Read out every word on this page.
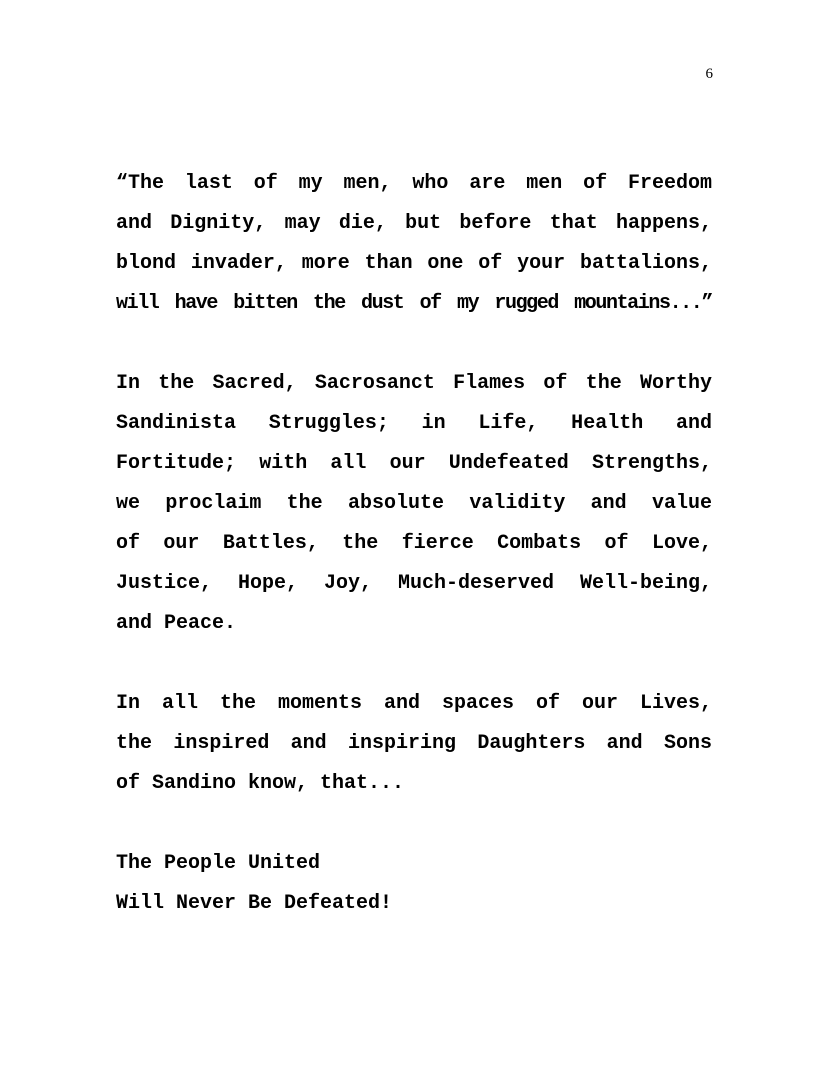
6
“The last of my men, who are men of Freedom
and Dignity, may die, but before that happens,
blond invader, more than one of your battalions,
will have bitten the dust of my rugged mountains...”
In the Sacred, Sacrosanct Flames of the Worthy
Sandinista Struggles; in Life, Health and
Fortitude; with all our Undefeated Strengths,
we proclaim the absolute validity and value
of our Battles, the fierce Combats of Love,
Justice, Hope, Joy, Much-deserved Well-being,
and Peace.
In all the moments and spaces of our Lives,
the inspired and inspiring Daughters and Sons
of Sandino know, that...
The People United
Will Never Be Defeated!
